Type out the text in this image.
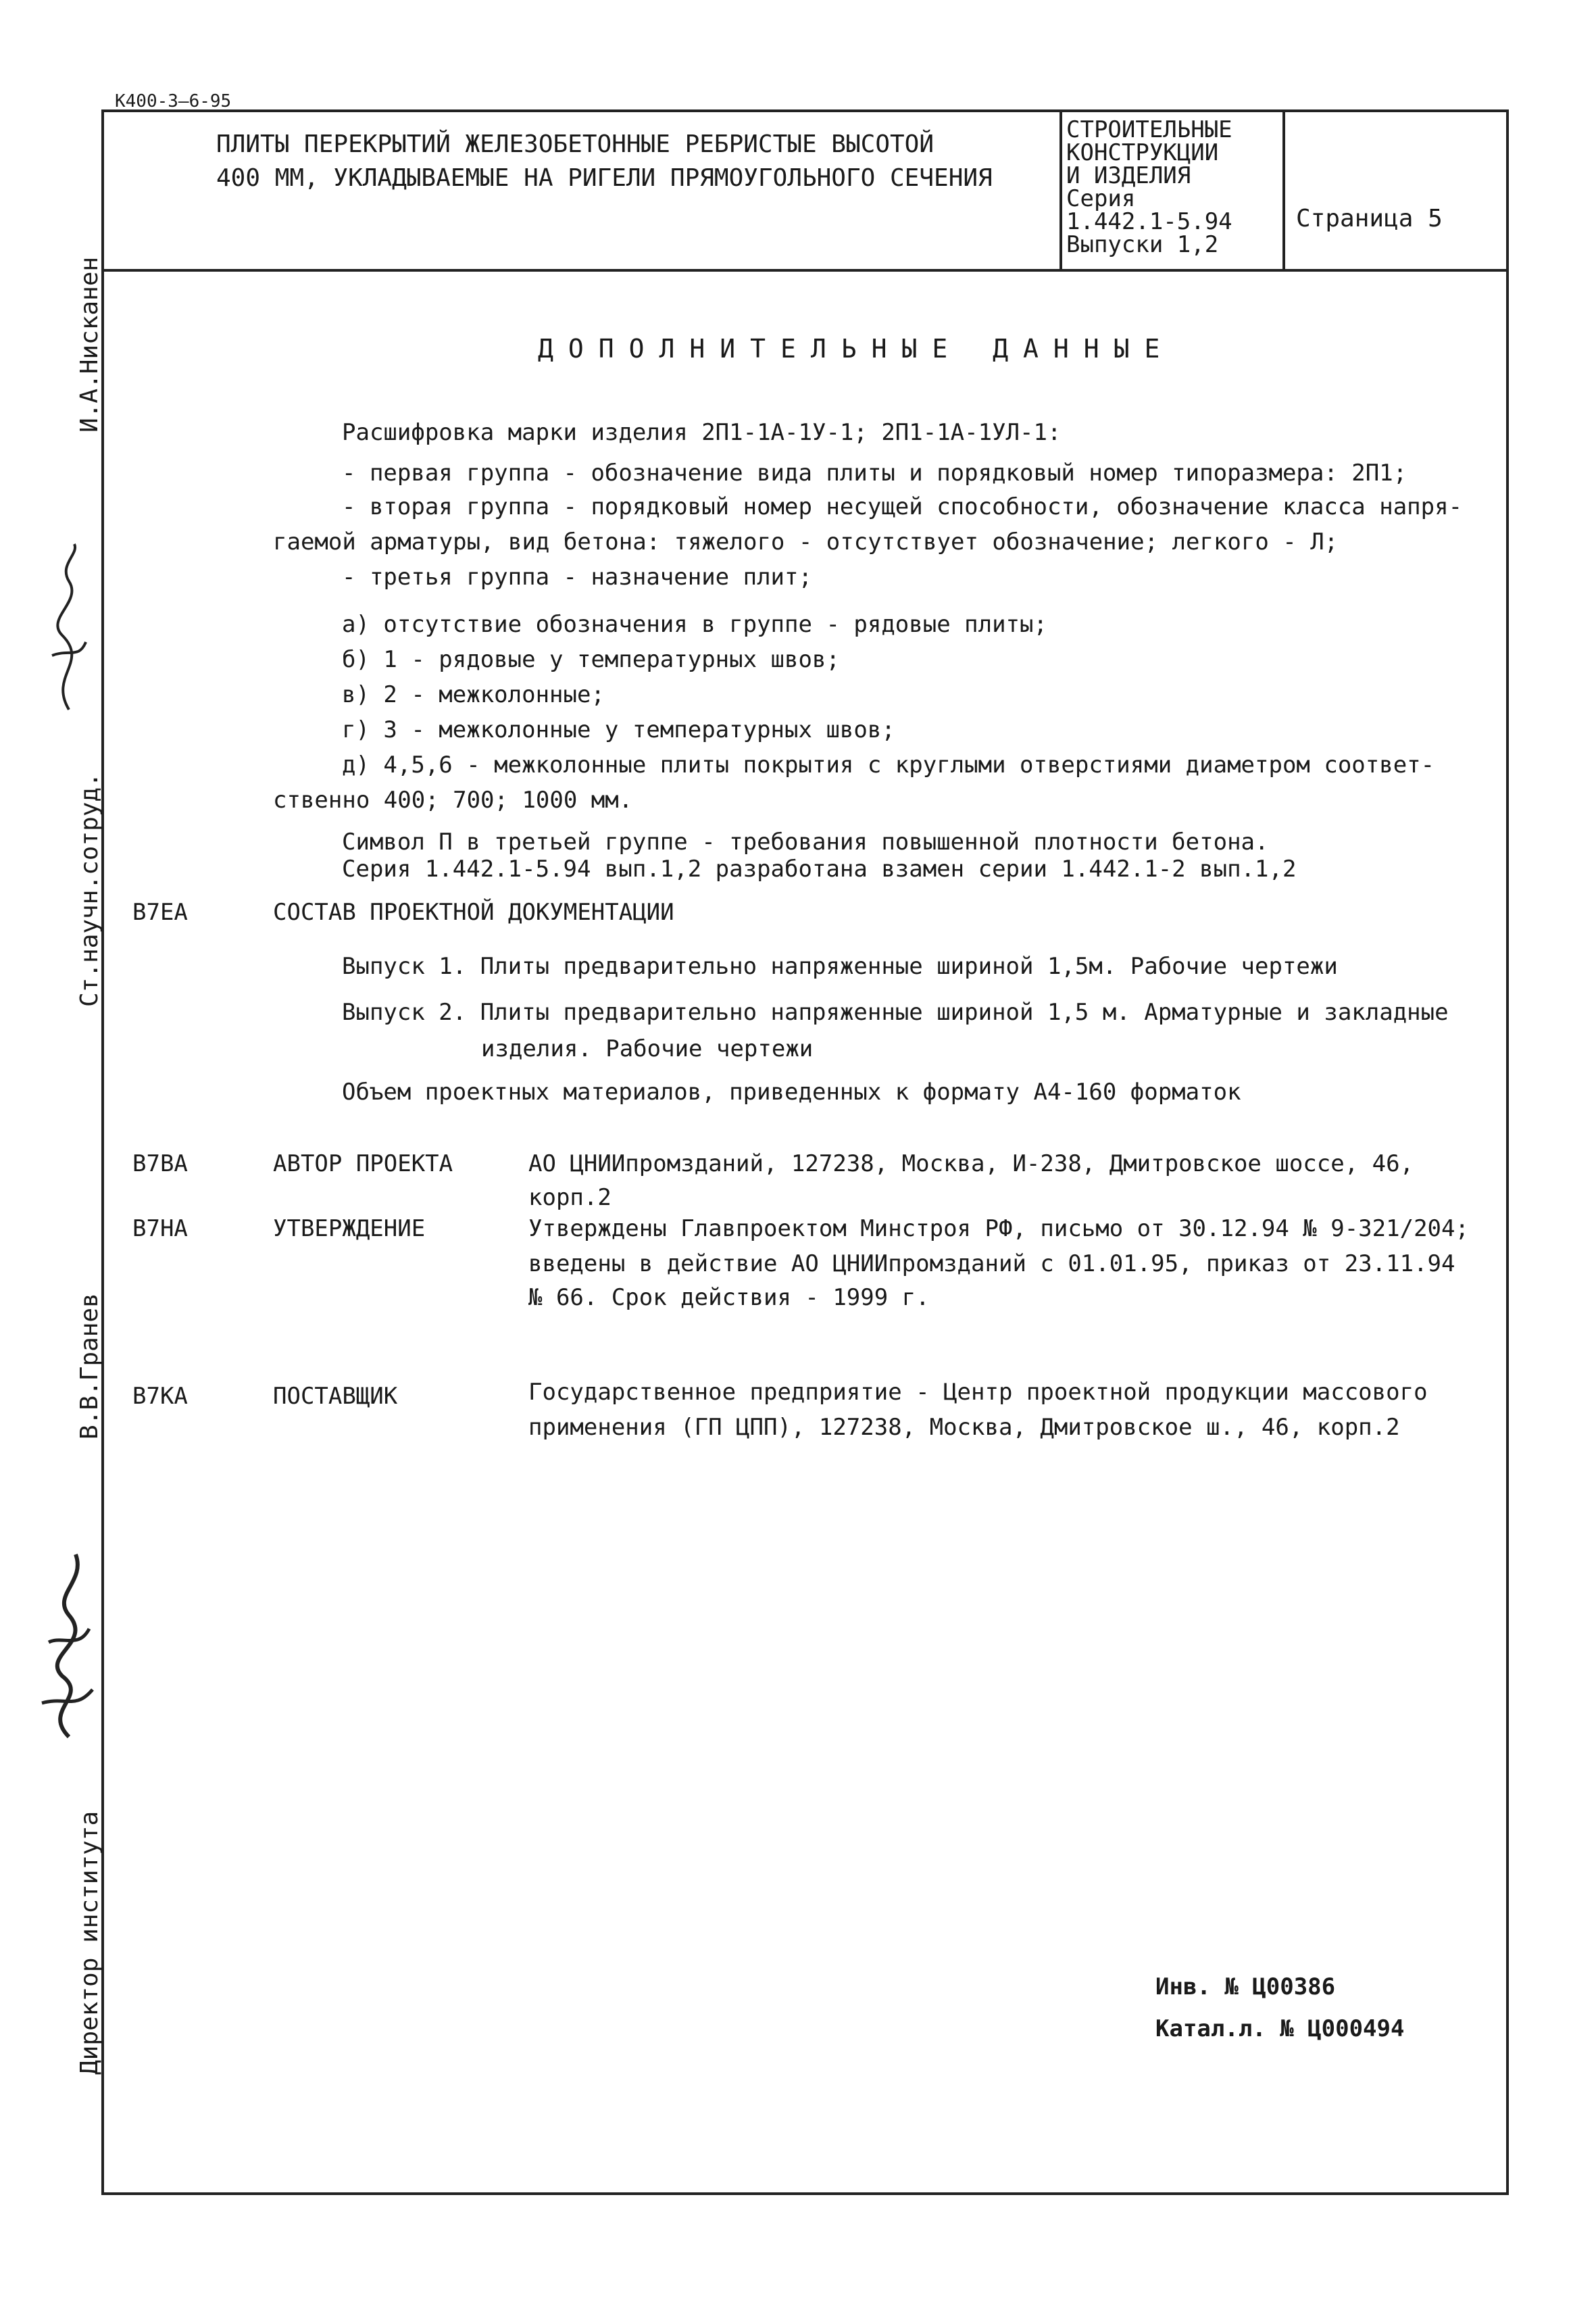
К400-3—6-95
ПЛИТЫ ПЕРЕКРЫТИЙ ЖЕЛЕЗОБЕТОННЫЕ РЕБРИСТЫЕ ВЫСОТОЙ
400 ММ, УКЛАДЫВАЕМЫЕ НА РИГЕЛИ ПРЯМОУГОЛЬНОГО СЕЧЕНИЯ
СТРОИТЕЛЬНЫЕ
КОНСТРУКЦИИ
И ИЗДЕЛИЯ
Серия
1.442.1-5.94
Выпуски 1,2
Страница 5
И.А.Нисканен
Ст.научн.сотруд.
В.В.Гранев
Директор института
ДОПОЛНИТЕЛЬНЫЕ ДАННЫЕ
Расшифровка марки изделия 2П1-1А-1У-1; 2П1-1А-1УЛ-1:
- первая группа - обозначение вида плиты и порядковый номер типоразмера: 2П1;
- вторая группа - порядковый номер несущей способности, обозначение класса напря-
гаемой арматуры, вид бетона: тяжелого - отсутствует обозначение; легкого - Л;
- третья группа - назначение плит;
а) отсутствие обозначения в группе - рядовые плиты;
б) 1 - рядовые у температурных швов;
в) 2 - межколонные;
г) 3 - межколонные у температурных швов;
д) 4,5,6 - межколонные плиты покрытия с круглыми отверстиями диаметром соответ-
ственно 400; 700; 1000 мм.
Символ П в третьей группе - требования повышенной плотности бетона.
Серия 1.442.1-5.94 вып.1,2 разработана взамен серии 1.442.1-2 вып.1,2
В7ЕА	СОСТАВ ПРОЕКТНОЙ ДОКУМЕНТАЦИИ
Выпуск 1. Плиты предварительно напряженные шириной 1,5м. Рабочие чертежи
Выпуск 2. Плиты предварительно напряженные шириной 1,5 м. Арматурные и закладные
изделия. Рабочие чертежи
Объем проектных материалов, приведенных к формату А4-160 форматок
В7ВА	АВТОР ПРОЕКТА	АО ЦНИИпромзданий, 127238, Москва, И-238, Дмитровское шоссе, 46,
корп.2
В7НА	УТВЕРЖДЕНИЕ	Утверждены Главпроектом Минстроя РФ, письмо от 30.12.94 № 9-321/204;
введены в действие АО ЦНИИпромзданий с 01.01.95, приказ от 23.11.94
№ 66. Срок действия - 1999 г.
В7КА	ПОСТАВЩИК	Государственное предприятие - Центр проектной продукции массового
применения (ГП ЦПП), 127238, Москва, Дмитровское ш., 46, корп.2
Инв. № Ц00386
Катал.л. № Ц000494
